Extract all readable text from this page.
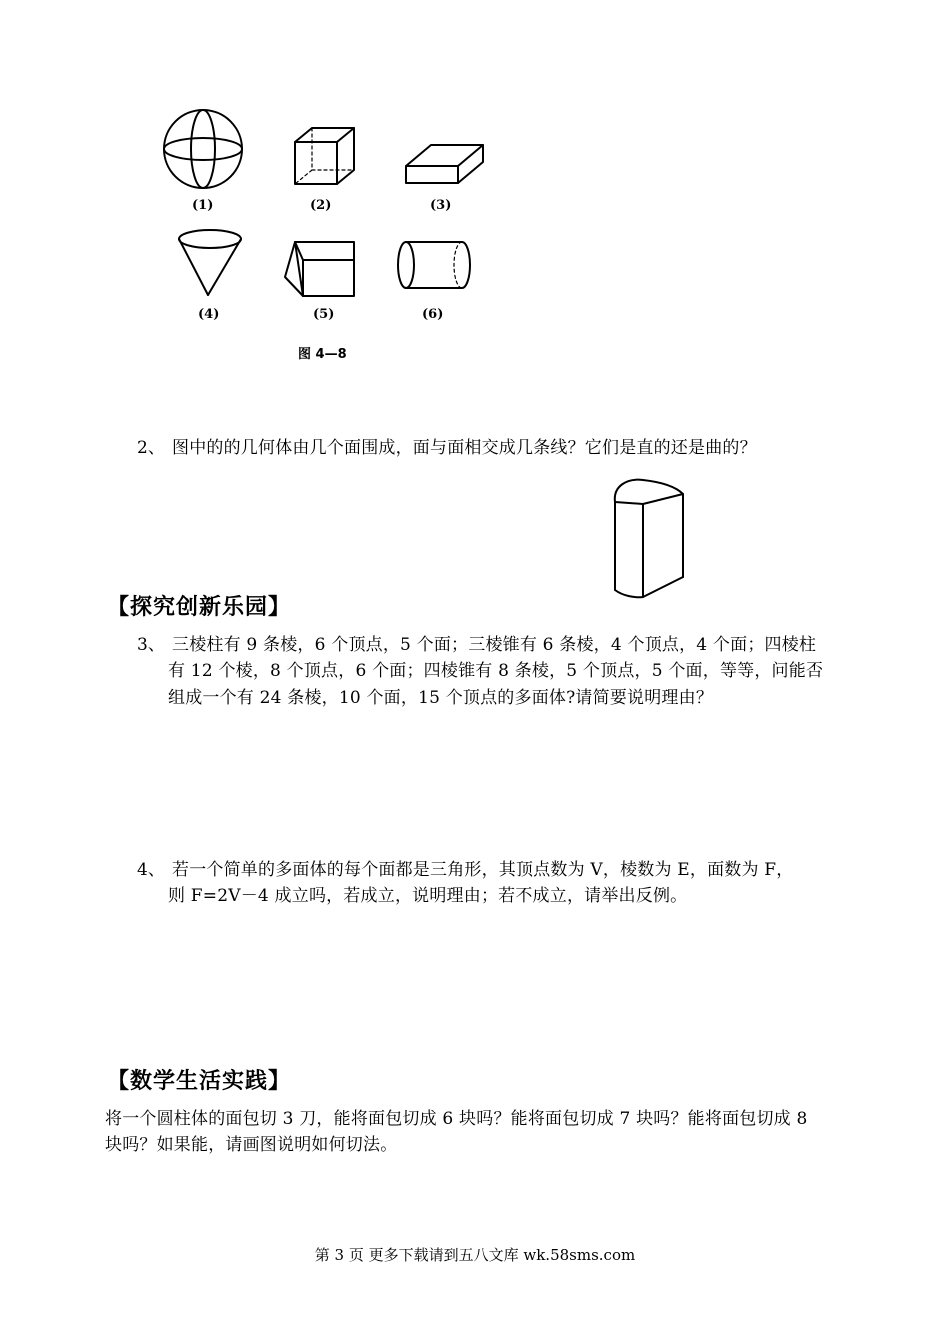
(1)	(2)	(3)
(4)	(5)	(6)
图 4—8
2、 图中的的几何体由几个面围成，面与面相交成几条线？它们是直的还是曲的？
【探究创新乐园】
3、 三棱柱有 9 条棱，6 个顶点，5 个面；三棱锥有 6 条棱，4 个顶点，4 个面；四棱柱
有 12 个棱，8 个顶点，6 个面；四棱锥有 8 条棱，5 个顶点，5 个面，等等，问能否
组成一个有 24 条棱，10 个面，15 个顶点的多面体?请简要说明理由？
4、 若一个简单的多面体的每个面都是三角形，其顶点数为 V，棱数为 E，面数为 F，
则 F=2V－4 成立吗，若成立，说明理由；若不成立，请举出反例。
【数学生活实践】
将一个圆柱体的面包切 3 刀，能将面包切成 6 块吗？能将面包切成 7 块吗？能将面包切成 8
块吗？如果能，请画图说明如何切法。
第 3 页 更多下载请到五八文库 wk.58sms.com
